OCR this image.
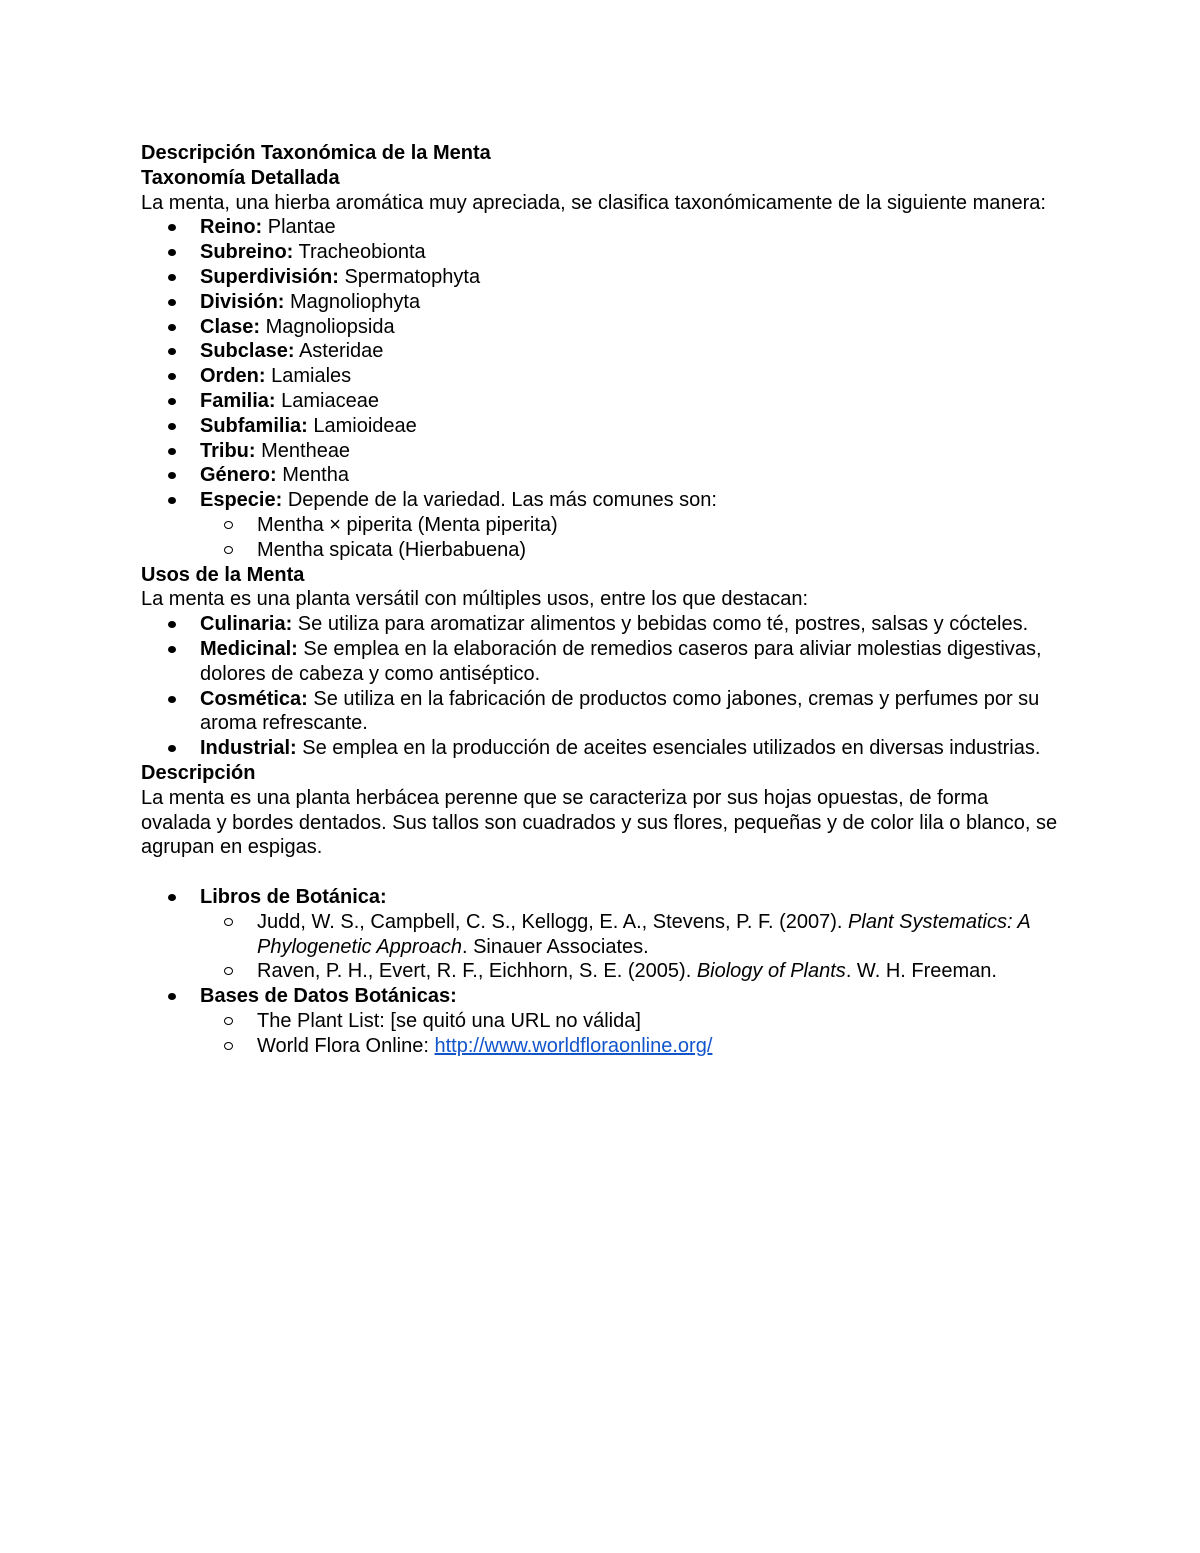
Descripción Taxonómica de la Menta

Taxonomía Detallada

La menta, una hierba aromática muy apreciada, se clasifica taxonómicamente de la siguiente manera:

Reino: Plantae
Subreino: Tracheobionta
Superdivisión: Spermatophyta
División: Magnoliophyta
Clase: Magnoliopsida
Subclase: Asteridae
Orden: Lamiales
Familia: Lamiaceae
Subfamilia: Lamioideae
Tribu: Mentheae
Género: Mentha
Especie: Depende de la variedad. Las más comunes son:
Mentha × piperita (Menta piperita)
Mentha spicata (Hierbabuena)

Usos de la Menta

La menta es una planta versátil con múltiples usos, entre los que destacan:

Culinaria: Se utiliza para aromatizar alimentos y bebidas como té, postres, salsas y cócteles.
Medicinal: Se emplea en la elaboración de remedios caseros para aliviar molestias digestivas, dolores de cabeza y como antiséptico.
Cosmética: Se utiliza en la fabricación de productos como jabones, cremas y perfumes por su aroma refrescante.
Industrial: Se emplea en la producción de aceites esenciales utilizados en diversas industrias.

Descripción

La menta es una planta herbácea perenne que se caracteriza por sus hojas opuestas, de forma ovalada y bordes dentados. Sus tallos son cuadrados y sus flores, pequeñas y de color lila o blanco, se agrupan en espigas.

Libros de Botánica:
Judd, W. S., Campbell, C. S., Kellogg, E. A., Stevens, P. F. (2007). Plant Systematics: A Phylogenetic Approach. Sinauer Associates.
Raven, P. H., Evert, R. F., Eichhorn, S. E. (2005). Biology of Plants. W. H. Freeman.
Bases de Datos Botánicas:
The Plant List: [se quitó una URL no válida]
World Flora Online: http://www.worldfloraonline.org/
